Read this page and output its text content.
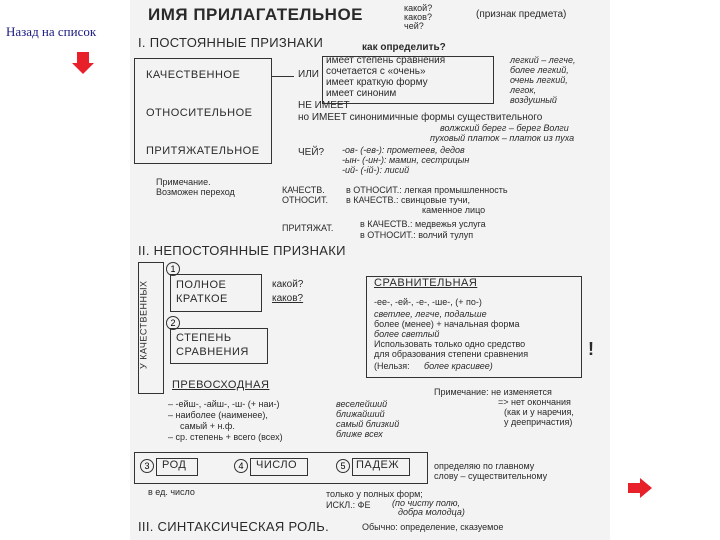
Назад на список
ИМЯ ПРИЛАГАТЕЛЬНОЕ	какой?
каков?
чей?
(признак предмета)
I. ПОСТОЯННЫЕ ПРИЗНАКИ	как определить?
КАЧЕСТВЕННОЕ
ОТНОСИТЕЛЬНОЕ
ПРИТЯЖАТЕЛЬНОЕ
ИЛИ
имеет степень сравнения
сочетается с «очень»
имеет краткую форму
имеет синоним
легкий – легче,
более легкий,
очень легкий,
легок,
воздушный
НЕ ИМЕЕТ
но ИМЕЕТ синонимичные формы существительного
волжский берег – берег Волги
пуховый платок – платок из пуха
ЧЕЙ? -ов- (-ев-): прометеев, дедов
-ын- (-ин-): мамин, сестрицын
-ий- (-ій-): лисий
Примечание.
Возможен переход	КАЧЕСТВ. в ОТНОСИТ.: легкая промышленность
ОТНОСИТ. в КАЧЕСТВ.: свинцовые тучи,
каменное лицо
ПРИТЯЖАТ.	в КАЧЕСТВ.: медвежья услуга
в ОТНОСИТ.: волчий тулуп
II. НЕПОСТОЯННЫЕ ПРИЗНАКИ
У КАЧЕСТВЕННЫХ
1
ПОЛНОЕ
КРАТКОЕ
какой?
каков?
2
СТЕПЕНЬ
СРАВНЕНИЯ
СРАВНИТЕЛЬНАЯ
-ее-, -ей-, -е-, -ше-, (+ по-)
светлее, легче, подальше
более (менее) + начальная форма
более светлый
Использовать только одно средство
для образования степени сравнения
(Нельзя: более красивее)
!
ПРЕВОСХОДНАЯ
– -ейш-, -айш-, -ш- (+ наи-)
– наиболее (наименее),
самый + н.ф.
– ср. степень + всего (всех)
веселейший
ближайший
самый близкий
ближе всех
Примечание: не изменяется
=> нет окончания
(как и у наречия,
у деепричастия)
3	РОД	4	ЧИСЛО	5 ПАДЕЖ	определяю по главному
слову – существительному
в ед. число	только у полных форм;
ИСКЛ.: ФЕ (по чисту полю,
добра молодца)
III. СИНТАКСИЧЕСКАЯ РОЛЬ.	Обычно: определение, сказуемое
